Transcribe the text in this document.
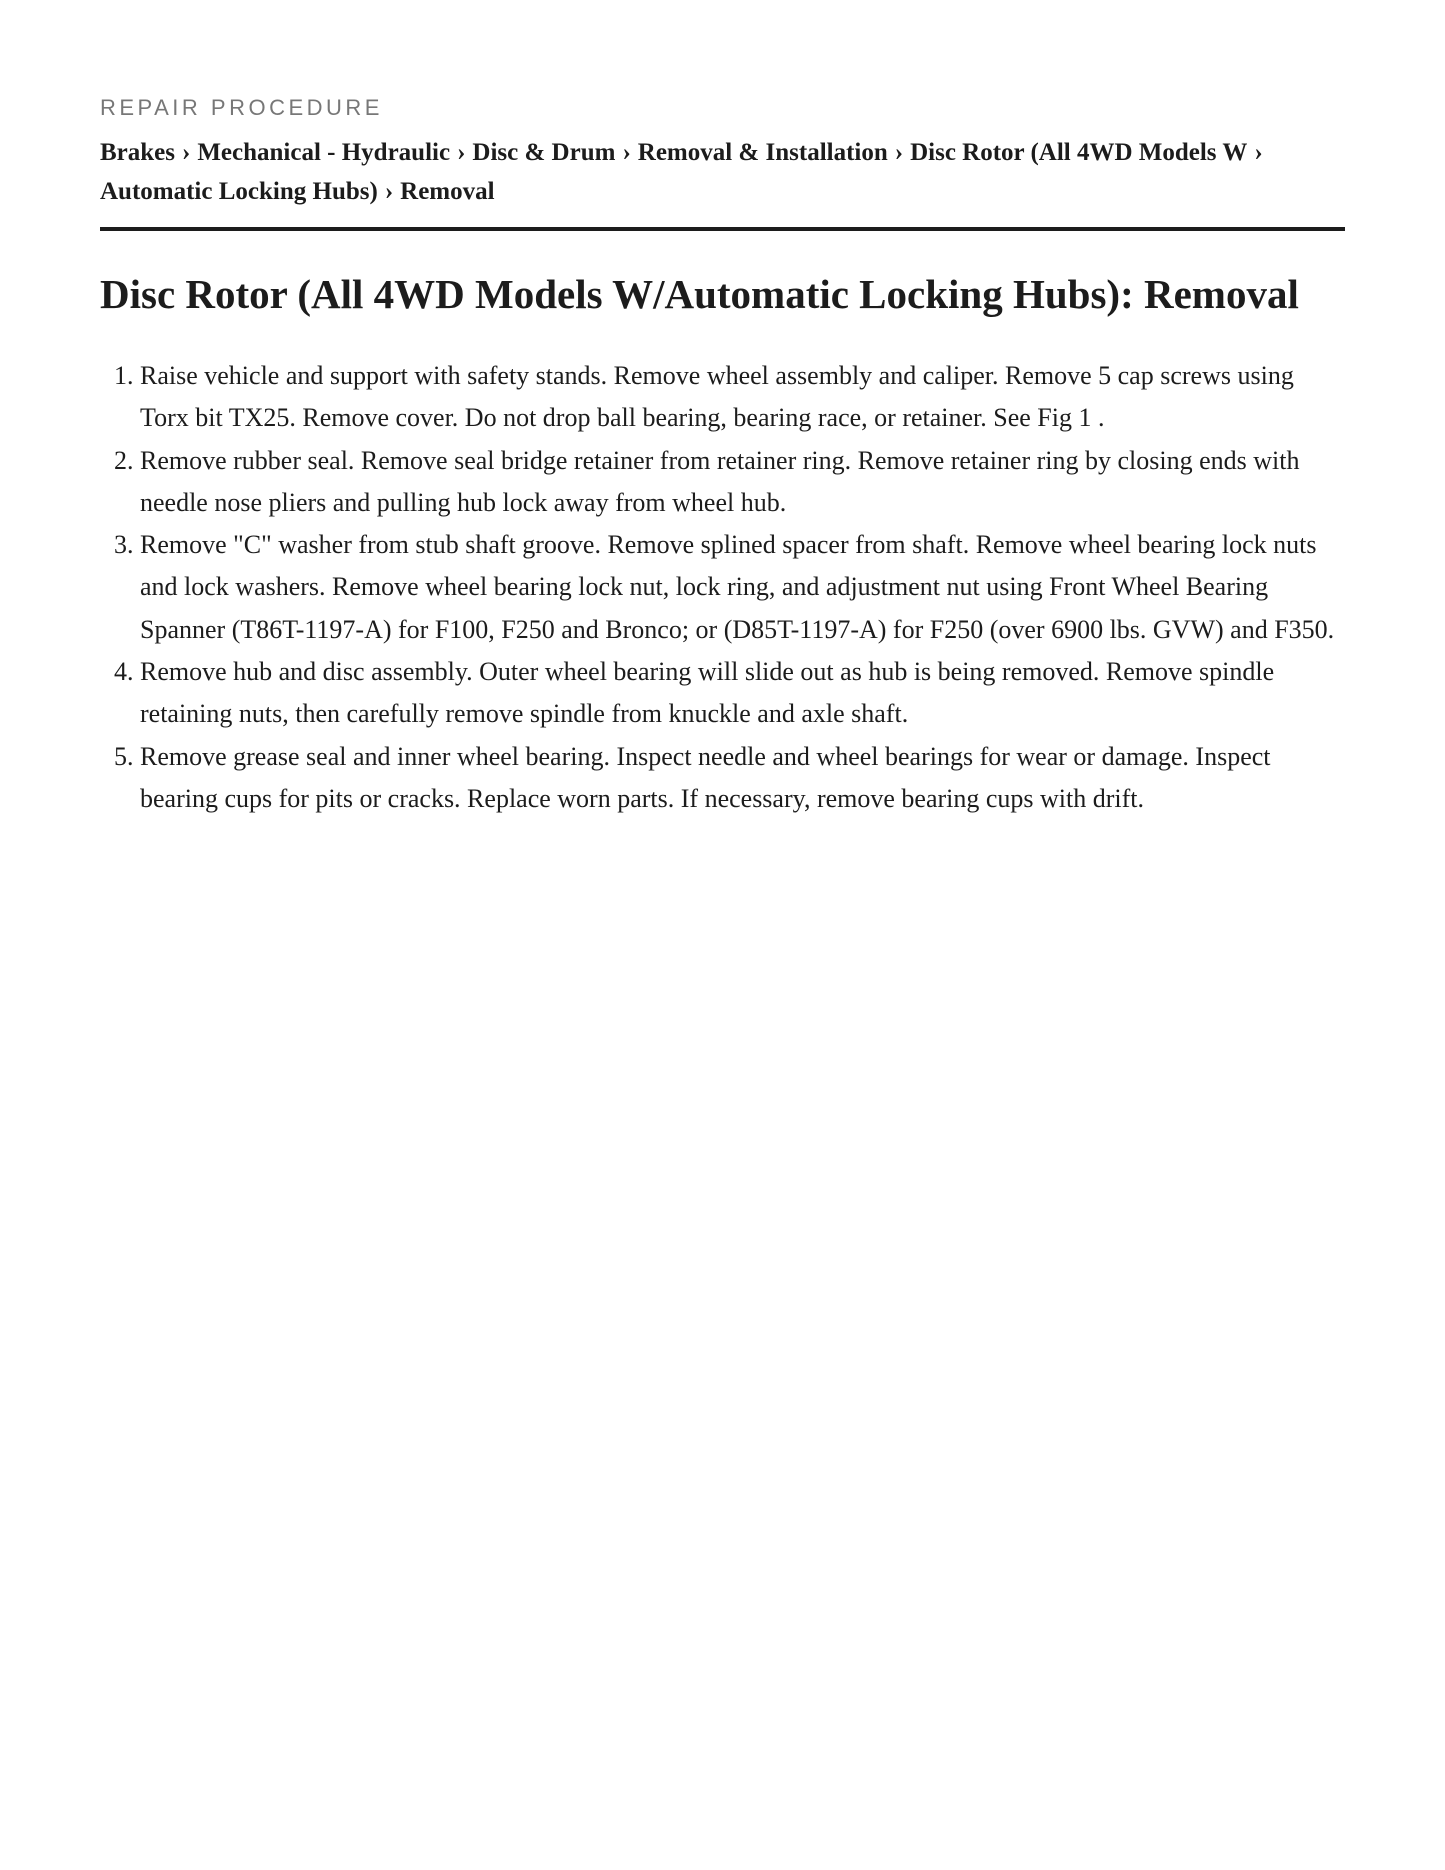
REPAIR PROCEDURE
Brakes › Mechanical - Hydraulic › Disc & Drum › Removal & Installation › Disc Rotor (All 4WD Models W ›
Automatic Locking Hubs) › Removal
Disc Rotor (All 4WD Models W/Automatic Locking Hubs): Removal
1. Raise vehicle and support with safety stands. Remove wheel assembly and caliper. Remove 5 cap screws using Torx bit TX25. Remove cover. Do not drop ball bearing, bearing race, or retainer. See Fig 1 .
2. Remove rubber seal. Remove seal bridge retainer from retainer ring. Remove retainer ring by closing ends with needle nose pliers and pulling hub lock away from wheel hub.
3. Remove "C" washer from stub shaft groove. Remove splined spacer from shaft. Remove wheel bearing lock nuts and lock washers. Remove wheel bearing lock nut, lock ring, and adjustment nut using Front Wheel Bearing Spanner (T86T-1197-A) for F100, F250 and Bronco; or (D85T-1197-A) for F250 (over 6900 lbs. GVW) and F350.
4. Remove hub and disc assembly. Outer wheel bearing will slide out as hub is being removed. Remove spindle retaining nuts, then carefully remove spindle from knuckle and axle shaft.
5. Remove grease seal and inner wheel bearing. Inspect needle and wheel bearings for wear or damage. Inspect bearing cups for pits or cracks. Replace worn parts. If necessary, remove bearing cups with drift.
